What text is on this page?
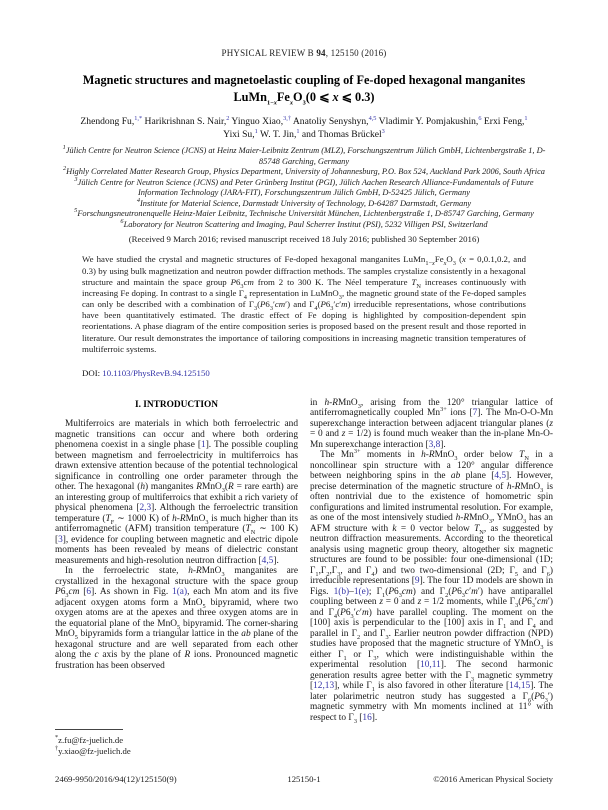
PHYSICAL REVIEW B 94, 125150 (2016)
Magnetic structures and magnetoelastic coupling of Fe-doped hexagonal manganites
$LuMn_{1-x}Fe_xO_3(0$ ⩽ x ⩽ 0.3)
Zhendong Fu,$^{1,*}$ Harikrishnan S. Nair,$^2$ Yinguo Xiao,$^{3,\dagger}$ Anatoliy Senyshyn,$^{4,5}$ Vladimir Y. Pomjakushin,$^6$ Erxi Feng,$^1$
Yixi Su,$^1$ W. T. Jin,$^1$ and Thomas Brückel$^3$
$^1$Jülich Centre for Neutron Science (JCNS) at Heinz Maier-Leibnitz Zentrum (MLZ), Forschungszentrum Jülich GmbH, Lichtenbergstraße 1, D-85748 Garching, Germany
$^2$Highly Correlated Matter Research Group, Physics Department, University of Johannesburg, P.O. Box 524, Auckland Park 2006, South Africa
$^3$Jülich Centre for Neutron Science (JCNS) and Peter Grünberg Institut (PGI), Jülich Aachen Research Alliance-Fundamentals of Future Information Technology (JARA-FIT), Forschungszentrum Jülich GmbH, D-52425 Jülich, Germany
$^4$Institute for Material Science, Darmstadt University of Technology, D-64287 Darmstadt, Germany
$^5$Forschungsneutronenquelle Heinz-Maier Leibnitz, Technische Universität München, Lichtenbergstraße 1, D-85747 Garching, Germany
$^6$Laboratory for Neutron Scattering and Imaging, Paul Scherrer Institut (PSI), 5232 Villigen PSI, Switzerland
(Received 9 March 2016; revised manuscript received 18 July 2016; published 30 September 2016)
We have studied the crystal and magnetic structures of Fe-doped hexagonal manganites $LuMn_{1-x}Fe_xO_3$ (x = 0,0.1,0.2, and 0.3) by using bulk magnetization and neutron powder diffraction methods. The samples crystalize consistently in a hexagonal structure and maintain the space group $P6_3cm$ from 2 to 300 K. The Néel temperature $T_N$ increases continuously with increasing Fe doping. In contrast to a single $\Gamma_4$ representation in LuMnO$_3$, the magnetic ground state of the Fe-doped samples can only be described with a combination of $\Gamma_3(P6_3'cm')$ and $\Gamma_4(P6_3'c'm)$ irreducible representations, whose contributions have been quantitatively estimated. The drastic effect of Fe doping is highlighted by composition-dependent spin reorientations. A phase diagram of the entire composition series is proposed based on the present result and those reported in literature. Our result demonstrates the importance of tailoring compositions in increasing magnetic transition temperatures of multiferroic systems.
DOI: 10.1103/PhysRevB.94.125150
I. INTRODUCTION

Multiferroics are materials in which both ferroelectric and magnetic transitions can occur and where both ordering phenomena coexist in a single phase [1]. The possible coupling between magnetism and ferroelectricity in multiferroics has drawn extensive attention because of the potential technological significance in controlling one order parameter through the other. The hexagonal (h) manganites RMnO$_3$(R = rare earth) are an interesting group of multiferroics that exhibit a rich variety of physical phenomena [2,3]. Although the ferroelectric transition temperature ($T_F$ ∼ 1000 K) of h-RMnO$_3$ is much higher than its antiferromagnetic (AFM) transition temperature ($T_N$ ∼ 100 K) [3], evidence for coupling between magnetic and electric dipole moments has been revealed by means of dielectric constant measurements and high-resolution neutron diffraction [4,5].

In the ferroelectric state, h-RMnO$_3$ manganites are crystallized in the hexagonal structure with the space group $P6_3cm$ [6]. As shown in Fig. 1(a), each Mn atom and its five adjacent oxygen atoms form a MnO$_5$ bipyramid, where two oxygen atoms are at the apexes and three oxygen atoms are in the equatorial plane of the MnO$_5$ bipyramid. The corner-sharing MnO$_5$ bipyramids form a triangular lattice in the ab plane of the hexagonal structure and are well separated from each other along the c axis by the plane of R ions. Pronounced magnetic frustration has been observed

in h-RMnO$_3$, arising from the 120° triangular lattice of antiferromagnetically coupled $Mn^{3+}$ ions [7]. The Mn-O-O-Mn superexchange interaction between adjacent triangular planes (z = 0 and z = 1/2) is found much weaker than the in-plane Mn-O-Mn superexchange interaction [3,8].

The $Mn^{3+}$ moments in h-RMnO$_3$ order below $T_N$ in a noncollinear spin structure with a 120° angular difference between neighboring spins in the ab plane [4,5]. However, precise determination of the magnetic structure of h-RMnO$_3$ is often nontrivial due to the existence of homometric spin configurations and limited instrumental resolution. For example, as one of the most intensively studied h-RMnO$_3$, YMnO$_3$ has an AFM structure with k = 0 vector below $T_N$, as suggested by neutron diffraction measurements. According to the theoretical analysis using magnetic group theory, altogether six magnetic structures are found to be possible: four one-dimensional (1D; $\Gamma_1,\Gamma_2,\Gamma_3$, and $\Gamma_4$) and two two-dimensional (2D; $\Gamma_5$ and $\Gamma_6$) irreducible representations [9]. The four 1D models are shown in Figs. 1(b)–1(e); $\Gamma_1(P6_3cm)$ and $\Gamma_2(P6_3c'm')$ have antiparallel coupling between z = 0 and z = 1/2 moments, while $\Gamma_3(P6_3'cm')$ and $\Gamma_4(P6_3'c'm)$ have parallel coupling. The moment on the [100] axis is perpendicular to the [100] axis in $\Gamma_1$ and $\Gamma_4$ and parallel in $\Gamma_2$ and $\Gamma_3$. Earlier neutron powder diffraction (NPD) studies have proposed that the magnetic structure of YMnO$_3$ is either $\Gamma_1$ or $\Gamma_3$, which were indistinguishable within the experimental resolution [10,11]. The second harmonic generation results agree better with the $\Gamma_3$ magnetic symmetry [12,13], while $\Gamma_1$ is also favored in other literature [14,15]. The later polarimetric neutron study has suggested a $\Gamma_6(P6_3')$ magnetic symmetry with Mn moments inclined at 11° with respect to $\Gamma_3$ [16].

*z.fu@fz-juelich.de
†y.xiao@fz-juelich.de
2469-9950/2016/94(12)/125150(9)	125150-1	©2016 American Physical Society
